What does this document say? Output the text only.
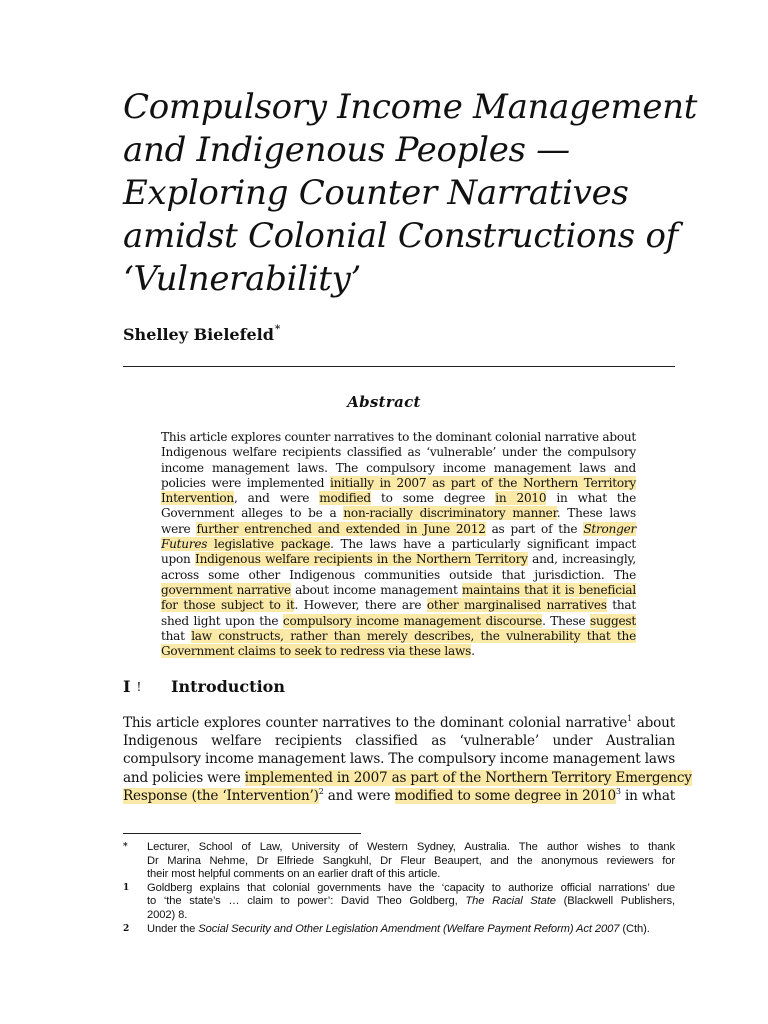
Compulsory Income Management
and Indigenous Peoples —
Exploring Counter Narratives
amidst Colonial Constructions of
‘Vulnerability’

Shelley Bielefeld*

Abstract
This article explores counter narratives to the dominant colonial narrative about
Indigenous welfare recipients classified as ‘vulnerable’ under the compulsory
income management laws. The compulsory income management laws and
policies were implemented initially in 2007 as part of the Northern Territory
Intervention, and were modified to some degree in 2010 in what the
Government alleges to be a non-racially discriminatory manner. These laws
were further entrenched and extended in June 2012 as part of the Stronger
Futures legislative package. The laws have a particularly significant impact
upon Indigenous welfare recipients in the Northern Territory and, increasingly,
across some other Indigenous communities outside that jurisdiction. The
government narrative about income management maintains that it is beneficial
for those subject to it. However, there are other marginalised narratives that
shed light upon the compulsory income management discourse. These suggest
that law constructs, rather than merely describes, the vulnerability that the
Government claims to seek to redress via these laws.
I ! Introduction
This article explores counter narratives to the dominant colonial narrative$^1$ about
Indigenous welfare recipients classified as ‘vulnerable’ under Australian
compulsory income management laws. The compulsory income management laws
and policies were implemented in 2007 as part of the Northern Territory Emergency
Response (the ‘Intervention’)$^2$ and were modified to some degree in 2010$^3$ in what
* Lecturer, School of Law, University of Western Sydney, Australia. The author wishes to thank
Dr Marina Nehme, Dr Elfriede Sangkuhl, Dr Fleur Beaupert, and the anonymous reviewers for
their most helpful comments on an earlier draft of this article.
1 Goldberg explains that colonial governments have the ‘capacity to authorize official narrations’ due
to ‘the state’s … claim to power’: David Theo Goldberg, The Racial State (Blackwell Publishers,
2002) 8.
2 Under the Social Security and Other Legislation Amendment (Welfare Payment Reform) Act 2007 (Cth).
